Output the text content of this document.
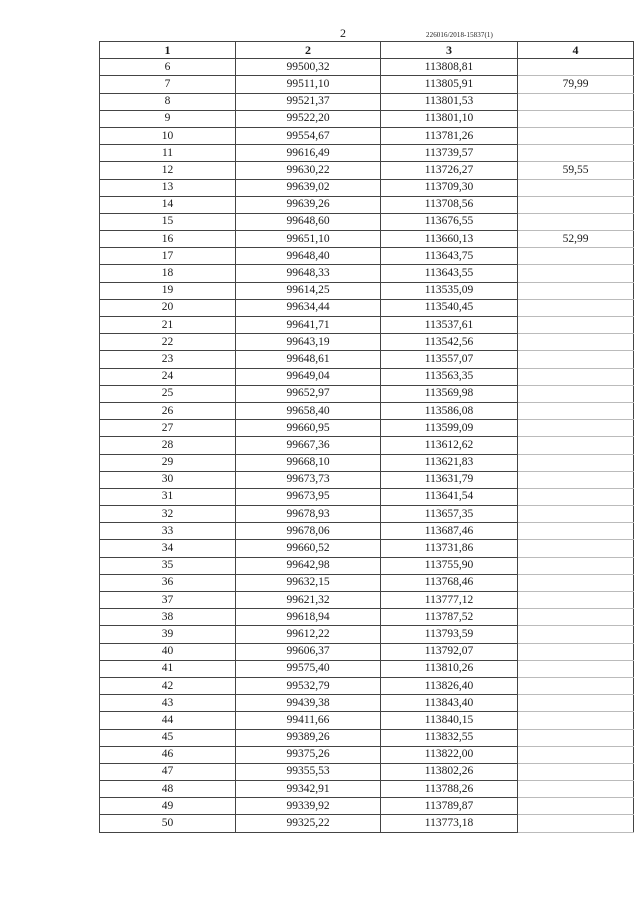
2	226016/2018-15837(1)
1	2	3	4
6	99500,32	113808,81	
7	99511,10	113805,91	79,99
8	99521,37	113801,53	
9	99522,20	113801,10	
10	99554,67	113781,26	
11	99616,49	113739,57	
12	99630,22	113726,27	59,55
13	99639,02	113709,30	
14	99639,26	113708,56	
15	99648,60	113676,55	
16	99651,10	113660,13	52,99
17	99648,40	113643,75	
18	99648,33	113643,55	
19	99614,25	113535,09	
20	99634,44	113540,45	
21	99641,71	113537,61	
22	99643,19	113542,56	
23	99648,61	113557,07	
24	99649,04	113563,35	
25	99652,97	113569,98	
26	99658,40	113586,08	
27	99660,95	113599,09	
28	99667,36	113612,62	
29	99668,10	113621,83	
30	99673,73	113631,79	
31	99673,95	113641,54	
32	99678,93	113657,35	
33	99678,06	113687,46	
34	99660,52	113731,86	
35	99642,98	113755,90	
36	99632,15	113768,46	
37	99621,32	113777,12	
38	99618,94	113787,52	
39	99612,22	113793,59	
40	99606,37	113792,07	
41	99575,40	113810,26	
42	99532,79	113826,40	
43	99439,38	113843,40	
44	99411,66	113840,15	
45	99389,26	113832,55	
46	99375,26	113822,00	
47	99355,53	113802,26	
48	99342,91	113788,26	
49	99339,92	113789,87	
50	99325,22	113773,18	
